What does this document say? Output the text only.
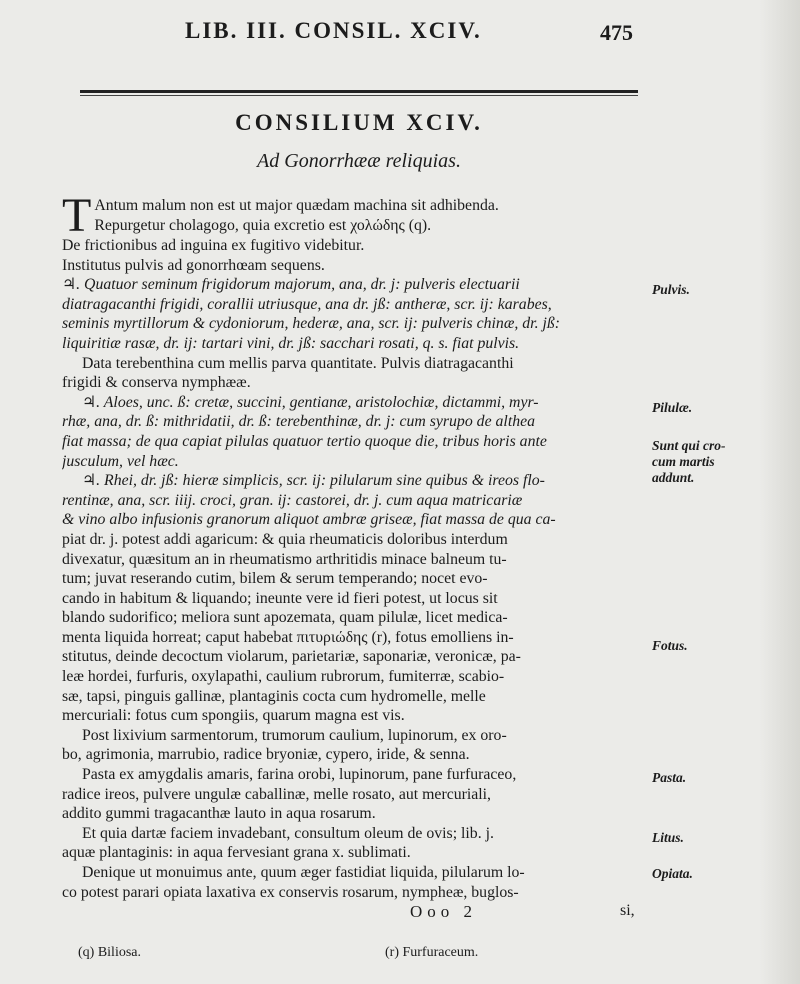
LIB. III. CONSIL. XCIV.	475
CONSILIUM XCIV.
Ad Gonorrhææ reliquias.
T Antum malum non est ut major quædam machina sit adhibenda.
Repurgetur cholagogo, quia excretio est χολώδης (q).
De frictionibus ad inguina ex fugitivo videbitur.
Institutus pulvis ad gonorrhœam sequens.
♃. Quatuor seminum frigidorum majorum, ana, dr. j: pulveris electuarii
diatragacanthi frigidi, corallii utriusque, ana dr. jß: antheræ, scr. ij: karabes,
seminis myrtillorum & cydoniorum, hederæ, ana, scr. ij: pulveris chinæ, dr. jß:
liquiritiæ rasæ, dr. ij: tartari vini, dr. jß: sacchari rosati, q. s. fiat pulvis.
Data terebenthina cum mellis parva quantitate. Pulvis diatragacanthi
frigidi & conserva nymphææ.
♃. Aloes, unc. ß: cretæ, succini, gentianæ, aristolochiæ, dictammi, myr-
rhæ, ana, dr. ß: mithridatii, dr. ß: terebenthinæ, dr. j: cum syrupo de althea
fiat massa; de qua capiat pilulas quatuor tertio quoque die, tribus horis ante
jusculum, vel hæc.
♃. Rhei, dr. jß: hieræ simplicis, scr. ij: pilularum sine quibus & ireos flo-
rentinæ, ana, scr. iiij. croci, gran. ij: castorei, dr. j. cum aqua matricariæ
& vino albo infusionis granorum aliquot ambræ griseæ, fiat massa de qua ca-
piat dr. j. potest addi agaricum: & quia rheumaticis doloribus interdum
divexatur, quæsitum an in rheumatismo arthritidis minace balneum tu-
tum; juvat reserando cutim, bilem & serum temperando; nocet evo-
cando in habitum & liquando; ineunte vere id fieri potest, ut locus sit
blando sudorifico; meliora sunt apozemata, quam pilulæ, licet medica-
menta liquida horreat; caput habebat πιτυριώδης (r), fotus emolliens in-
stitutus, deinde decoctum violarum, parietariæ, saponariæ, veronicæ, pa-
leæ hordei, furfuris, oxylapathi, caulium rubrorum, fumiterræ, scabio-
sæ, tapsi, pinguis gallinæ, plantaginis cocta cum hydromelle, melle
mercuriali: fotus cum spongiis, quarum magna est vis.
Post lixivium sarmentorum, trumorum caulium, lupinorum, ex oro-
bo, agrimonia, marrubio, radice bryoniæ, cypero, iride, & senna.
Pasta ex amygdalis amaris, farina orobi, lupinorum, pane furfuraceo,
radice ireos, pulvere ungulæ caballinæ, melle rosato, aut mercuriali,
addito gummi tragacanthæ lauto in aqua rosarum.
Et quia dartæ faciem invadebant, consultum oleum de ovis; lib. j.
aquæ plantaginis: in aqua fervesiant grana x. sublimati.
Denique ut monuimus ante, quum æger fastidiat liquida, pilularum lo-
co potest parari opiata laxativa ex conservis rosarum, nympheæ, buglos-
Pulvis.
Pilulæ.
Sunt qui cro-
cum martis
addunt.
Fotus.
Pasta.
Litus.
Opiata.
Ooo 2	si,
(q) Biliosa.	(r) Furfuraceum.
